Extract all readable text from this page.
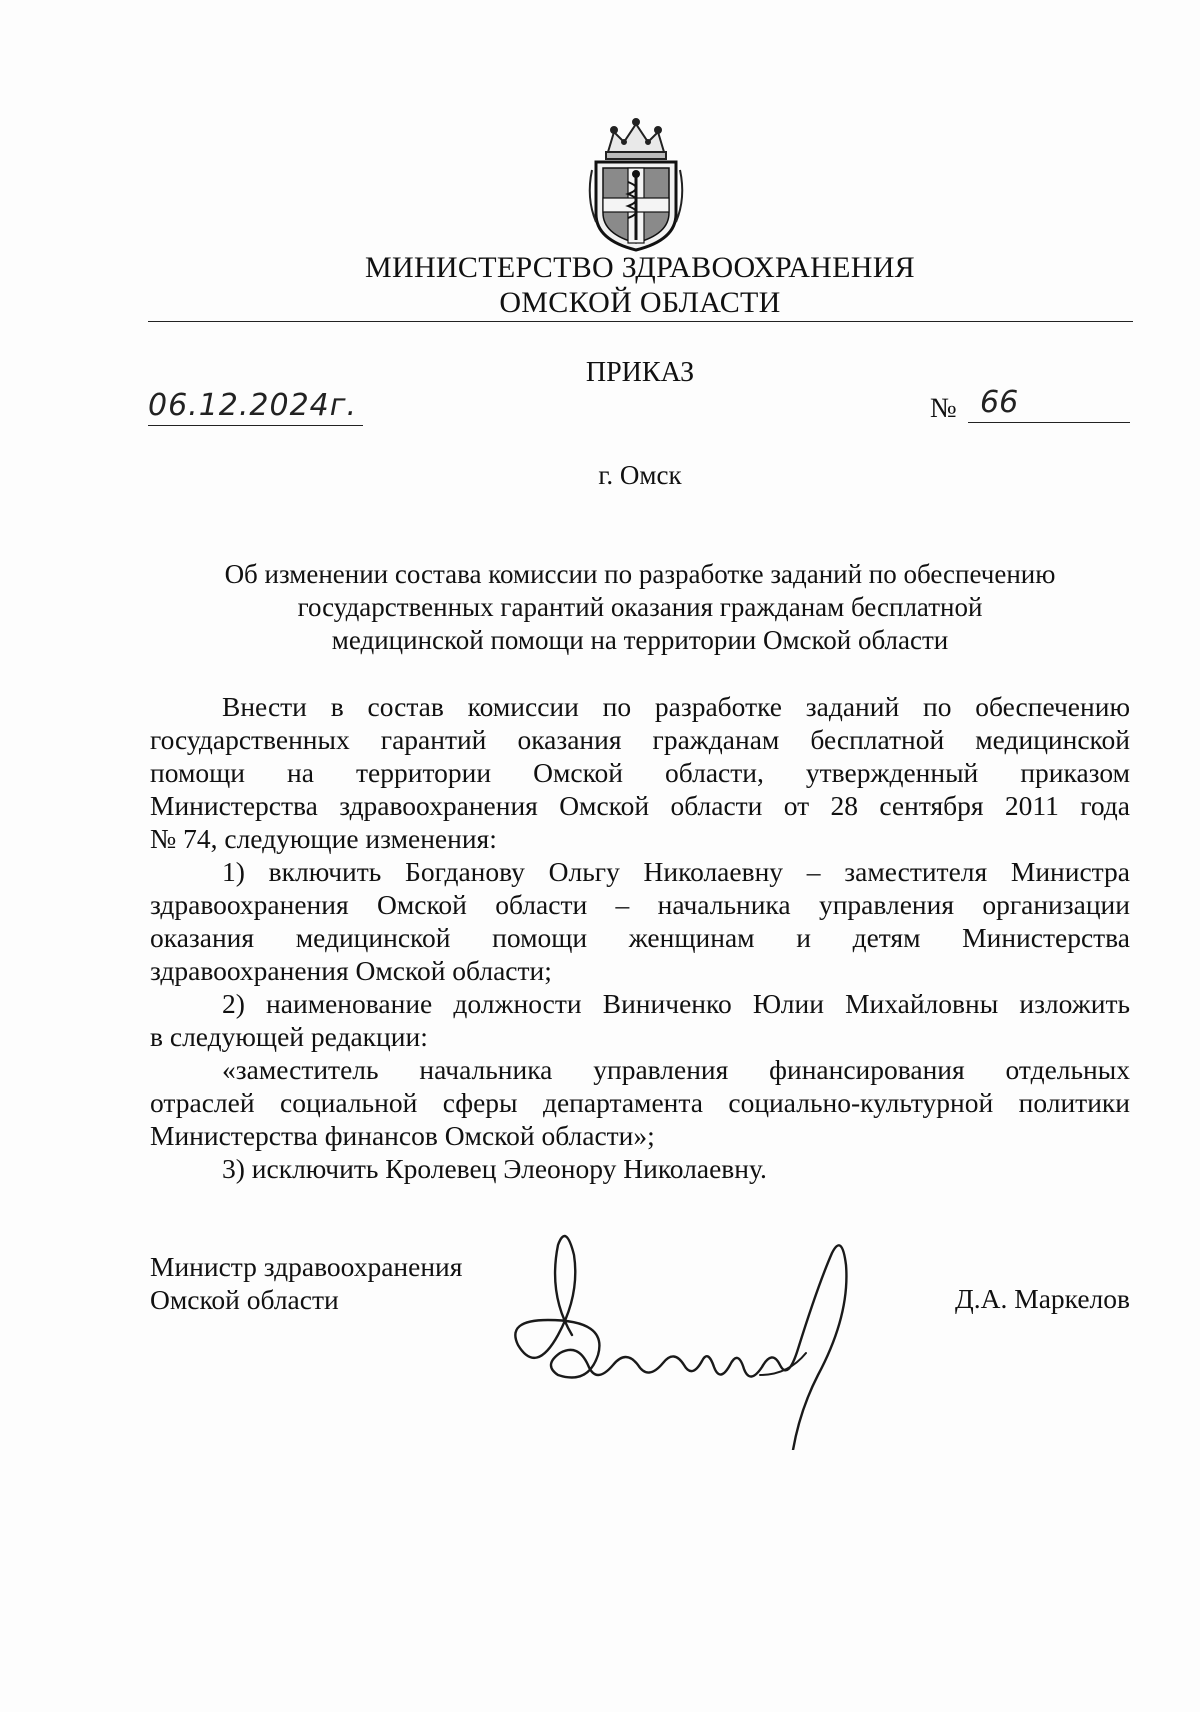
МИНИСТЕРСТВО ЗДРАВООХРАНЕНИЯ
ОМСКОЙ ОБЛАСТИ
ПРИКАЗ
06.12.2024г.	№ 66
г. Омск
Об изменении состава комиссии по разработке заданий по обеспечению
государственных гарантий оказания гражданам бесплатной
медицинской помощи на территории Омской области
Внести в состав комиссии по разработке заданий по обеспечению
государственных гарантий оказания гражданам бесплатной медицинской
помощи на территории Омской области, утвержденный приказом
Министерства здравоохранения Омской области от 28 сентября 2011 года
№ 74, следующие изменения:
1) включить Богданову Ольгу Николаевну – заместителя Министра
здравоохранения Омской области – начальника управления организации
оказания медицинской помощи женщинам и детям Министерства
здравоохранения Омской области;
2) наименование должности Виниченко Юлии Михайловны изложить
в следующей редакции:
«заместитель начальника управления финансирования отдельных
отраслей социальной сферы департамента социально-культурной политики
Министерства финансов Омской области»;
3) исключить Кролевец Элеонору Николаевну.
Министр здравоохранения
Омской области	Д.А. Маркелов
